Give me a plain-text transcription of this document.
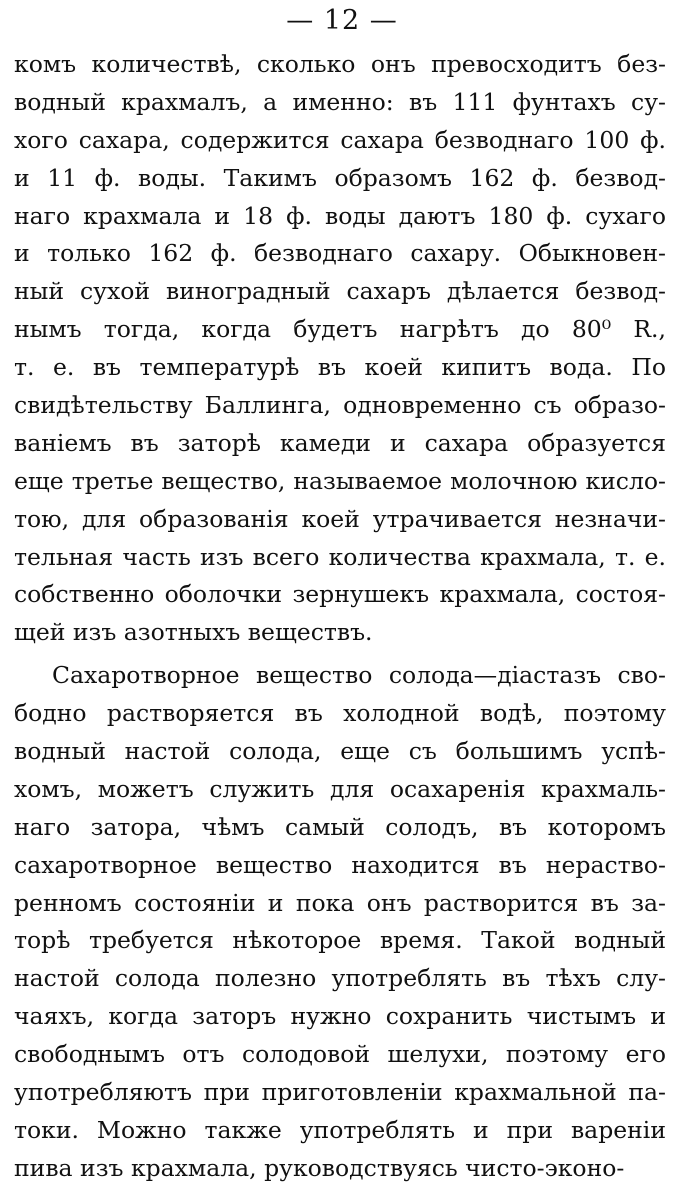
— 12 —
комъ количествѣ, сколько онъ превосходитъ без-
водный крахмалъ, а именно: въ 111 фунтахъ су-
хого сахара, содержится сахара безводнаго 100 ф.
и 11 ф. воды. Такимъ образомъ 162 ф. безвод-
наго крахмала и 18 ф. воды даютъ 180 ф. сухаго
и только 162 ф. безводнаго сахару. Обыкновен-
ный сухой виноградный сахаръ дѣлается безвод-
нымъ тогда, когда будетъ нагрѣтъ до 80⁰ R.,
т. е. въ температурѣ въ коей кипитъ вода. По
свидѣтельству Баллинга, одновременно съ образо-
ваніемъ въ заторѣ камеди и сахара образуется
еще третье вещество, называемое молочною кисло-
тою, для образованія коей утрачивается незначи-
тельная часть изъ всего количества крахмала, т. е.
собственно оболочки зернушекъ крахмала, состоя-
щей изъ азотныхъ веществъ.
Сахаротворное вещество солода—діастазъ сво-
бодно растворяется въ холодной водѣ, поэтому
водный настой солода, еще съ большимъ успѣ-
хомъ, можетъ служить для осахаренія крахмаль-
наго затора, чѣмъ самый солодъ, въ которомъ
сахаротворное вещество находится въ нераство-
ренномъ состояніи и пока онъ растворится въ за-
торѣ требуется нѣкоторое время. Такой водный
настой солода полезно употреблять въ тѣхъ слу-
чаяхъ, когда заторъ нужно сохранить чистымъ и
свободнымъ отъ солодовой шелухи, поэтому его
употребляютъ при приготовленіи крахмальной па-
токи. Можно также употреблять и при вареніи
пива изъ крахмала, руководствуясь чисто-эконо-
